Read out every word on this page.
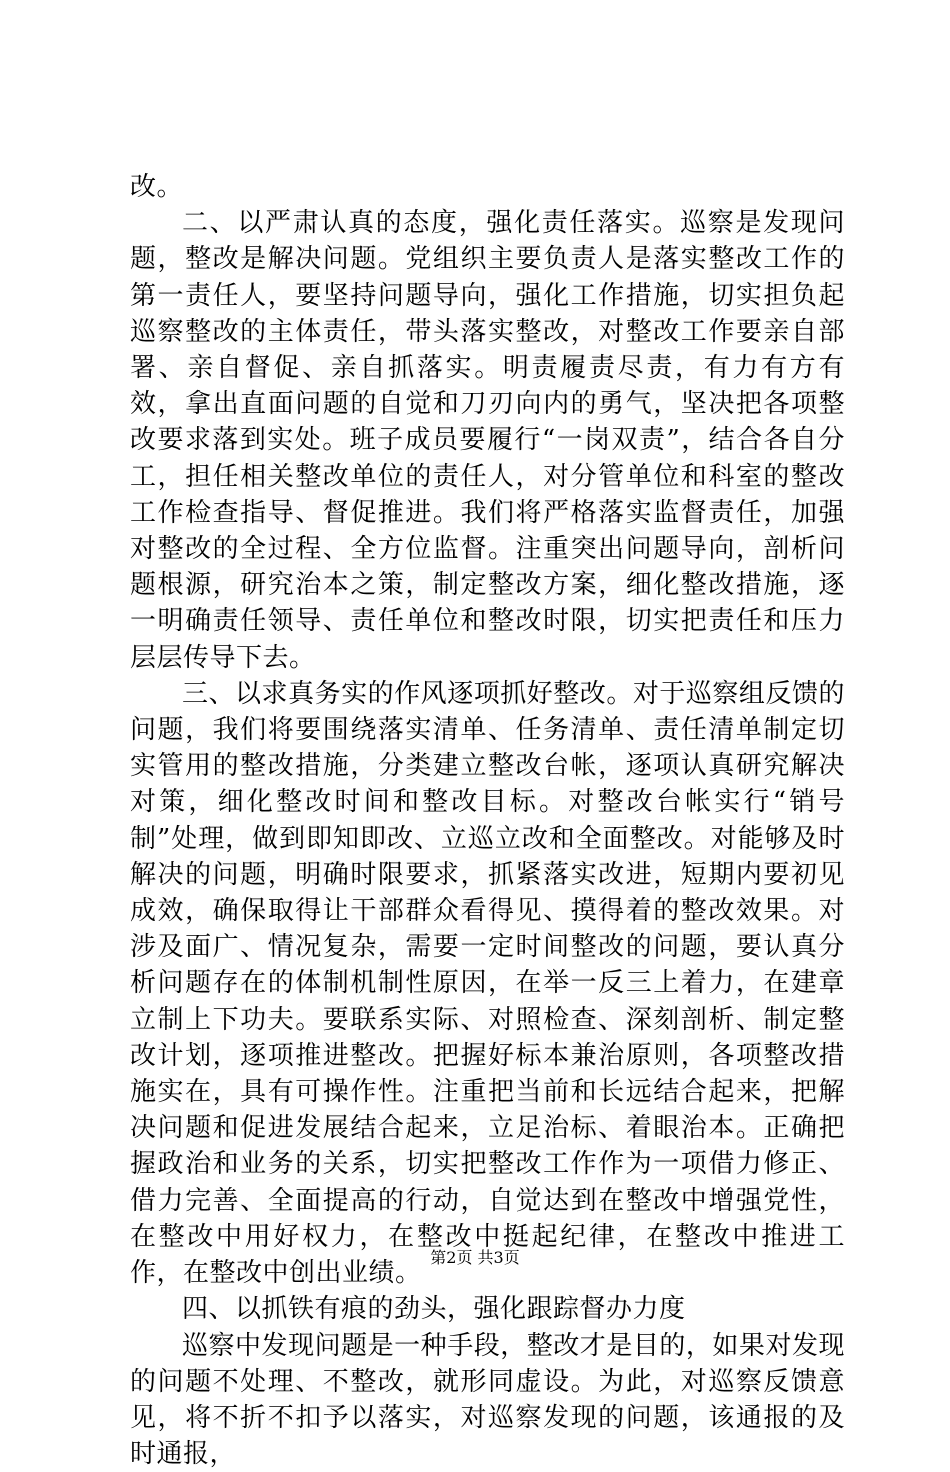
改。

二、以严肃认真的态度，强化责任落实。巡察是发现问题，整改是解决问题。党组织主要负责人是落实整改工作的第一责任人，要坚持问题导向，强化工作措施，切实担负起巡察整改的主体责任，带头落实整改，对整改工作要亲自部署、亲自督促、亲自抓落实。明责履责尽责，有力有方有效，拿出直面问题的自觉和刀刃向内的勇气，坚决把各项整改要求落到实处。班子成员要履行“一岗双责”，结合各自分工，担任相关整改单位的责任人，对分管单位和科室的整改工作检查指导、督促推进。我们将严格落实监督责任，加强对整改的全过程、全方位监督。注重突出问题导向，剖析问题根源，研究治本之策，制定整改方案，细化整改措施，逐一明确责任领导、责任单位和整改时限，切实把责任和压力层层传导下去。

三、以求真务实的作风逐项抓好整改。对于巡察组反馈的问题，我们将要围绕落实清单、任务清单、责任清单制定切实管用的整改措施，分类建立整改台帐，逐项认真研究解决对策，细化整改时间和整改目标。对整改台帐实行“销号制”处理，做到即知即改、立巡立改和全面整改。对能够及时解决的问题，明确时限要求，抓紧落实改进，短期内要初见成效，确保取得让干部群众看得见、摸得着的整改效果。对涉及面广、情况复杂，需要一定时间整改的问题，要认真分析问题存在的体制机制性原因，在举一反三上着力，在建章立制上下功夫。要联系实际、对照检查、深刻剖析、制定整改计划，逐项推进整改。把握好标本兼治原则，各项整改措施实在，具有可操作性。注重把当前和长远结合起来，把解决问题和促进发展结合起来，立足治标、着眼治本。正确把握政治和业务的关系，切实把整改工作作为一项借力修正、借力完善、全面提高的行动，自觉达到在整改中增强党性，在整改中用好权力，在整改中挺起纪律，在整改中推进工作，在整改中创出业绩。

四、以抓铁有痕的劲头，强化跟踪督办力度

巡察中发现问题是一种手段，整改才是目的，如果对发现的问题不处理、不整改，就形同虚设。为此，对巡察反馈意见，将不折不扣予以落实，对巡察发现的问题，该通报的及时通报，

第2页 共3页
